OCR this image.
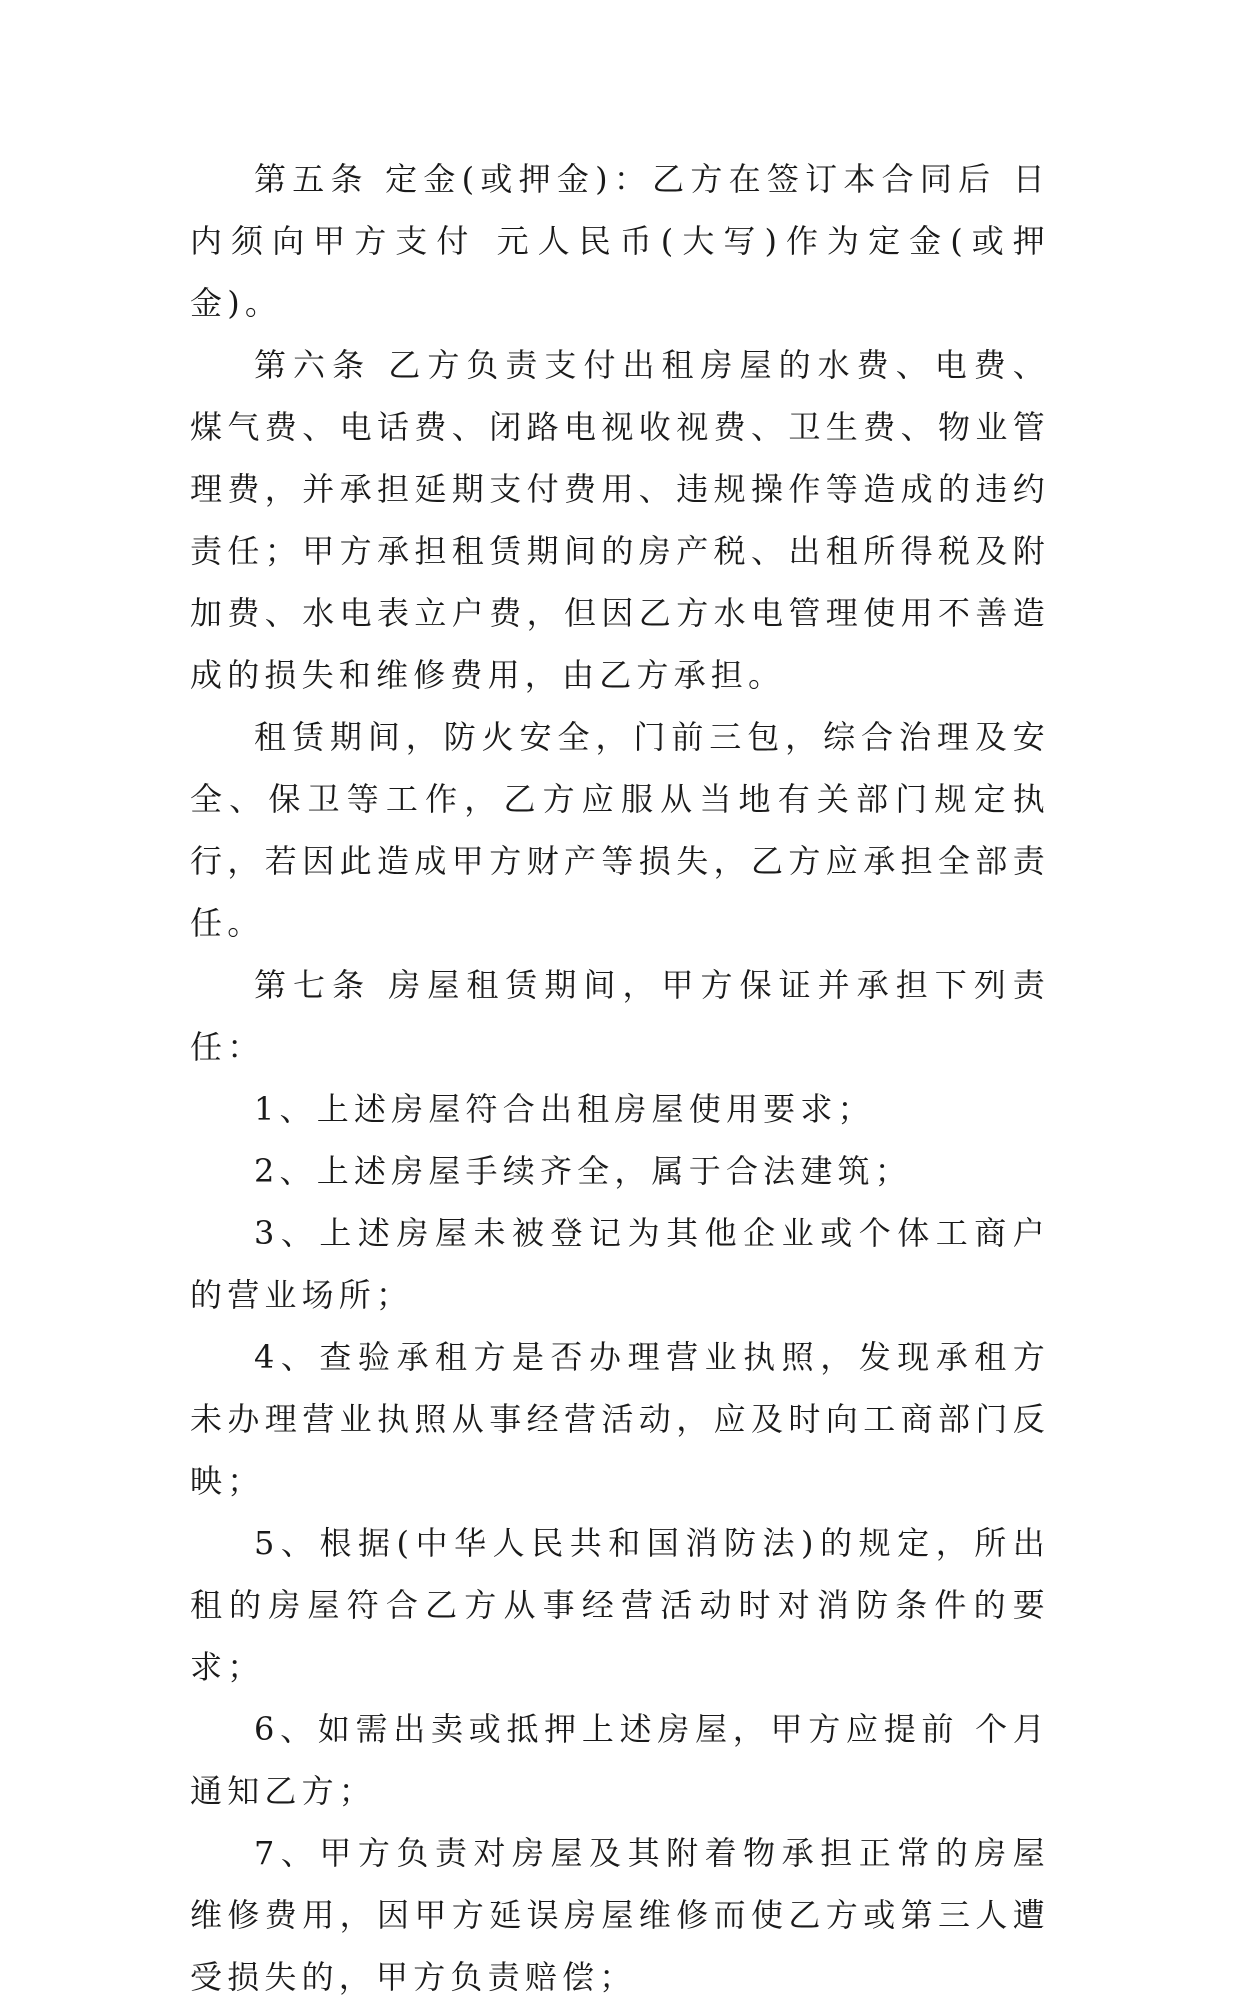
第五条 定金(或押金)：乙方在签订本合同后 日内须向甲方支付 元人民币(大写)作为定金(或押金)。

第六条 乙方负责支付出租房屋的水费、电费、煤气费、电话费、闭路电视收视费、卫生费、物业管理费，并承担延期支付费用、违规操作等造成的违约责任；甲方承担租赁期间的房产税、出租所得税及附加费、水电表立户费，但因乙方水电管理使用不善造成的损失和维修费用，由乙方承担。

租赁期间，防火安全，门前三包，综合治理及安全、保卫等工作，乙方应服从当地有关部门规定执行，若因此造成甲方财产等损失，乙方应承担全部责任。

第七条 房屋租赁期间，甲方保证并承担下列责任：

1、上述房屋符合出租房屋使用要求；

2、上述房屋手续齐全，属于合法建筑；

3、上述房屋未被登记为其他企业或个体工商户的营业场所；

4、查验承租方是否办理营业执照，发现承租方未办理营业执照从事经营活动，应及时向工商部门反映；

5、根据(中华人民共和国消防法)的规定，所出租的房屋符合乙方从事经营活动时对消防条件的要求；

6、如需出卖或抵押上述房屋，甲方应提前 个月通知乙方；

7、甲方负责对房屋及其附着物承担正常的房屋维修费用，因甲方延误房屋维修而使乙方或第三人遭受损失的，甲方负责赔偿；
